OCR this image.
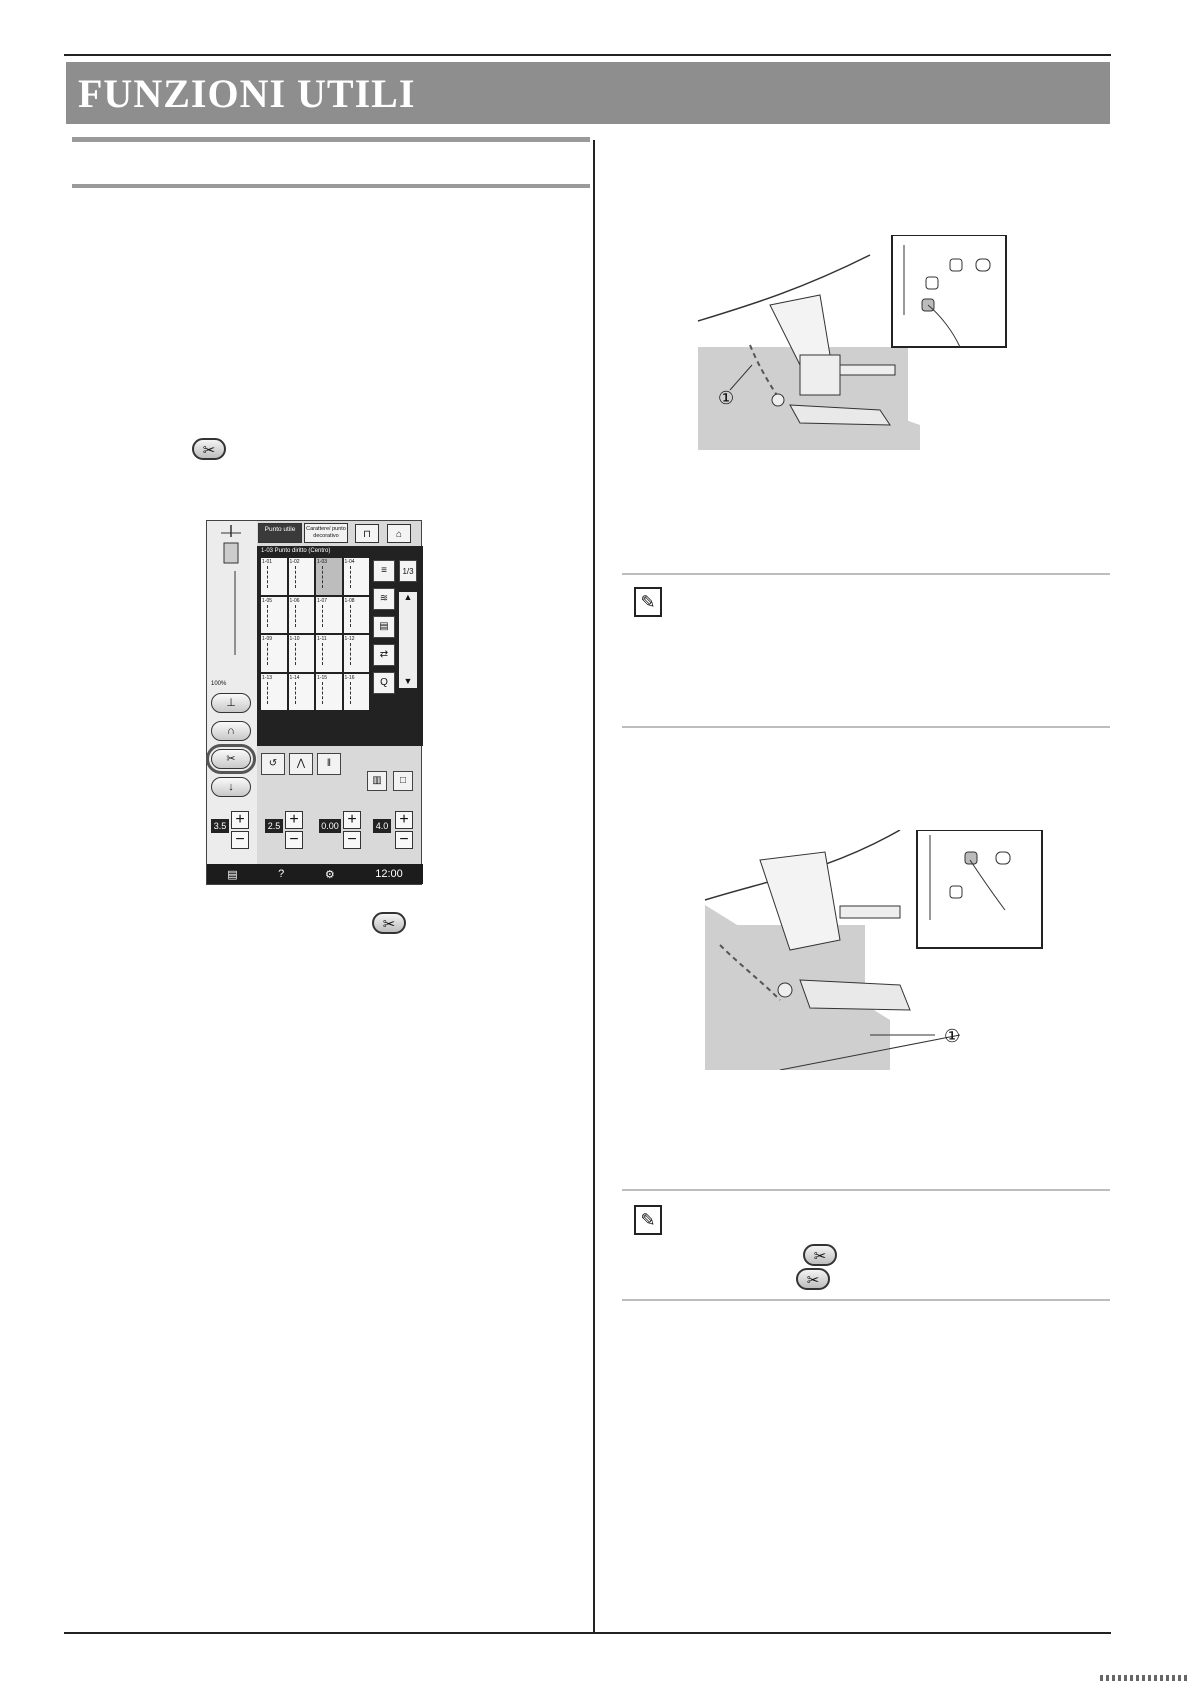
FUNZIONI UTILI
✂
100%
⊥
∩
✂
↓
Punto utile	Carattere/ punto decorativo	⊓	⌂
1-03 Punto diritto (Centro)
1-01	1-02	1-03	1-04
1-05	1-06	1-07	1-08
1-09	1-10	1-11	1-12
1-13	1-14	1-15	1-16
≡
≋
▤
⇄
Q
1/3
▲
▼
↺	⋀	‖
▥	□
3.5 +
−
2.5 +
−
0.00 +
−
4.0 +
−
▤	?	⚙	12:00
✂
①
✎
①
✎
✂
✂
